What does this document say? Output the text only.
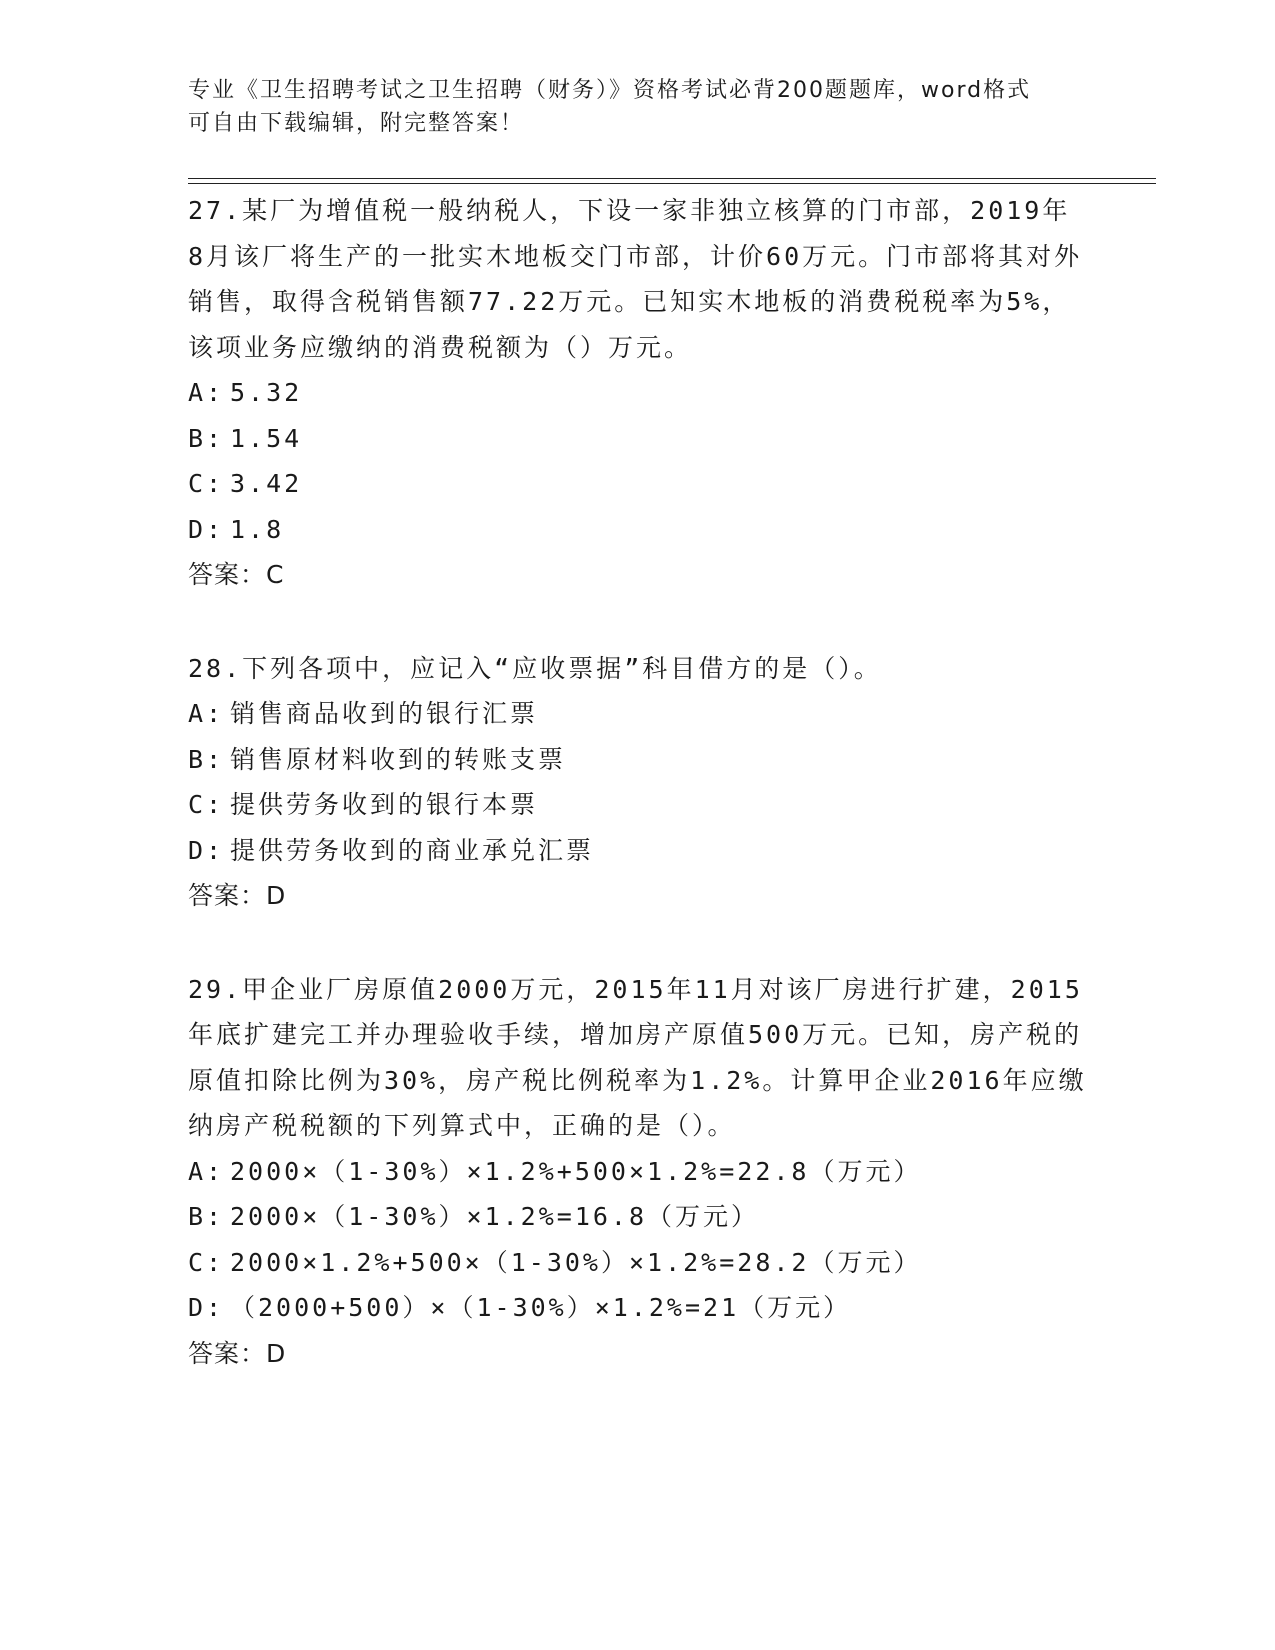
专业《卫生招聘考试之卫生招聘（财务）》资格考试必背200题题库，word格式
可自由下载编辑，附完整答案！

27.某厂为增值税一般纳税人，下设一家非独立核算的门市部，2019年8月该厂将生产的一批实木地板交门市部，计价60万元。门市部将其对外销售，取得含税销售额77.22万元。已知实木地板的消费税税率为5%，该项业务应缴纳的消费税额为（）万元。

A: 5.32

B: 1.54

C: 3.42

D: 1.8

答案：C

28.下列各项中，应记入“应收票据”科目借方的是（）。

A: 销售商品收到的银行汇票

B: 销售原材料收到的转账支票

C: 提供劳务收到的银行本票

D: 提供劳务收到的商业承兑汇票

答案：D

29.甲企业厂房原值2000万元，2015年11月对该厂房进行扩建，2015年底扩建完工并办理验收手续，增加房产原值500万元。已知，房产税的原值扣除比例为30%，房产税比例税率为1.2%。计算甲企业2016年应缴纳房产税税额的下列算式中，正确的是（）。

A: 2000×（1-30%）×1.2%+500×1.2%=22.8（万元）

B: 2000×（1-30%）×1.2%=16.8（万元）

C: 2000×1.2%+500×（1-30%）×1.2%=28.2（万元）

D: （2000+500）×（1-30%）×1.2%=21（万元）

答案：D
